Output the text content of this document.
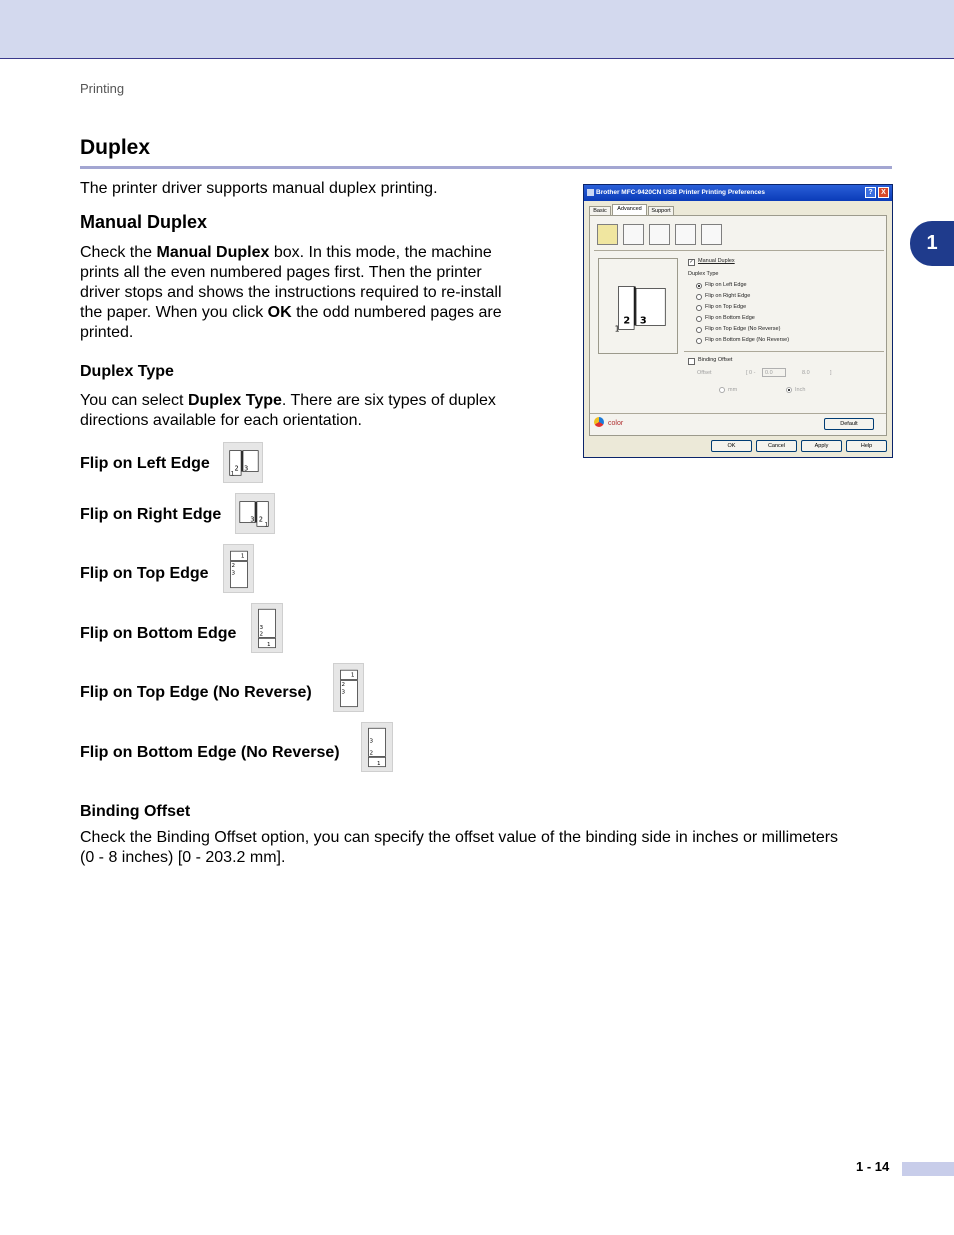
Printing
1
Duplex
The printer driver supports manual duplex printing.
Manual Duplex
Check the Manual Duplex box. In this mode, the machine
prints all the even numbered pages first. Then the printer
driver stops and shows the instructions required to re-install
the paper. When you click OK the odd numbered pages are
printed.
Duplex Type
You can select Duplex Type. There are six types of duplex
directions available for each orientation.
Flip on Left Edge	2 3
1
Flip on Right Edge	3 2
1
Flip on Top Edge	2
3
1
Flip on Bottom Edge	3
2
1
Flip on Top Edge (No Reverse)	2
3
1
Flip on Bottom Edge (No Reverse)
3
2
1
Binding Offset
Check the Binding Offset option, you can specify the offset value of the binding side in inches or millimeters
(0 - 8 inches) [0 - 203.2 mm].
Brother MFC-9420CN USB Printer Printing Preferences	?	X
Basic	Advanced	Support
2 3
1
✓ Manual Duplex
Duplex Type
Flip on Left Edge
Flip on Right Edge
Flip on Top Edge
Flip on Bottom Edge
Flip on Top Edge (No Reverse)
Flip on Bottom Edge (No Reverse)
Binding Offset
Offset	[ 0 -	0.0	8.0	]
mm	Inch
color	Default
OK	Cancel	Apply	Help
1 - 14
